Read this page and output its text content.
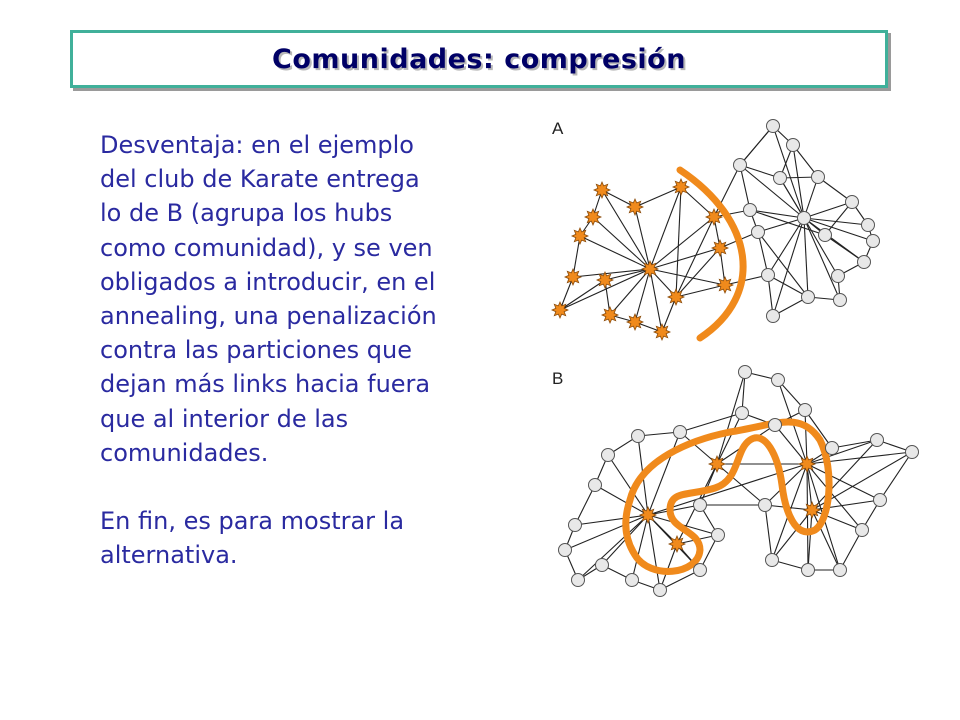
Comunidades: compresión

Desventaja: en el ejemplo
del club de Karate entrega
lo de B (agrupa los hubs
como comunidad), y se ven
obligados a introducir, en el
annealing, una penalización
contra las particiones que
dejan más links hacia fuera
que al interior de las
comunidades.

En fin, es para mostrar la
alternativa.

A
B
